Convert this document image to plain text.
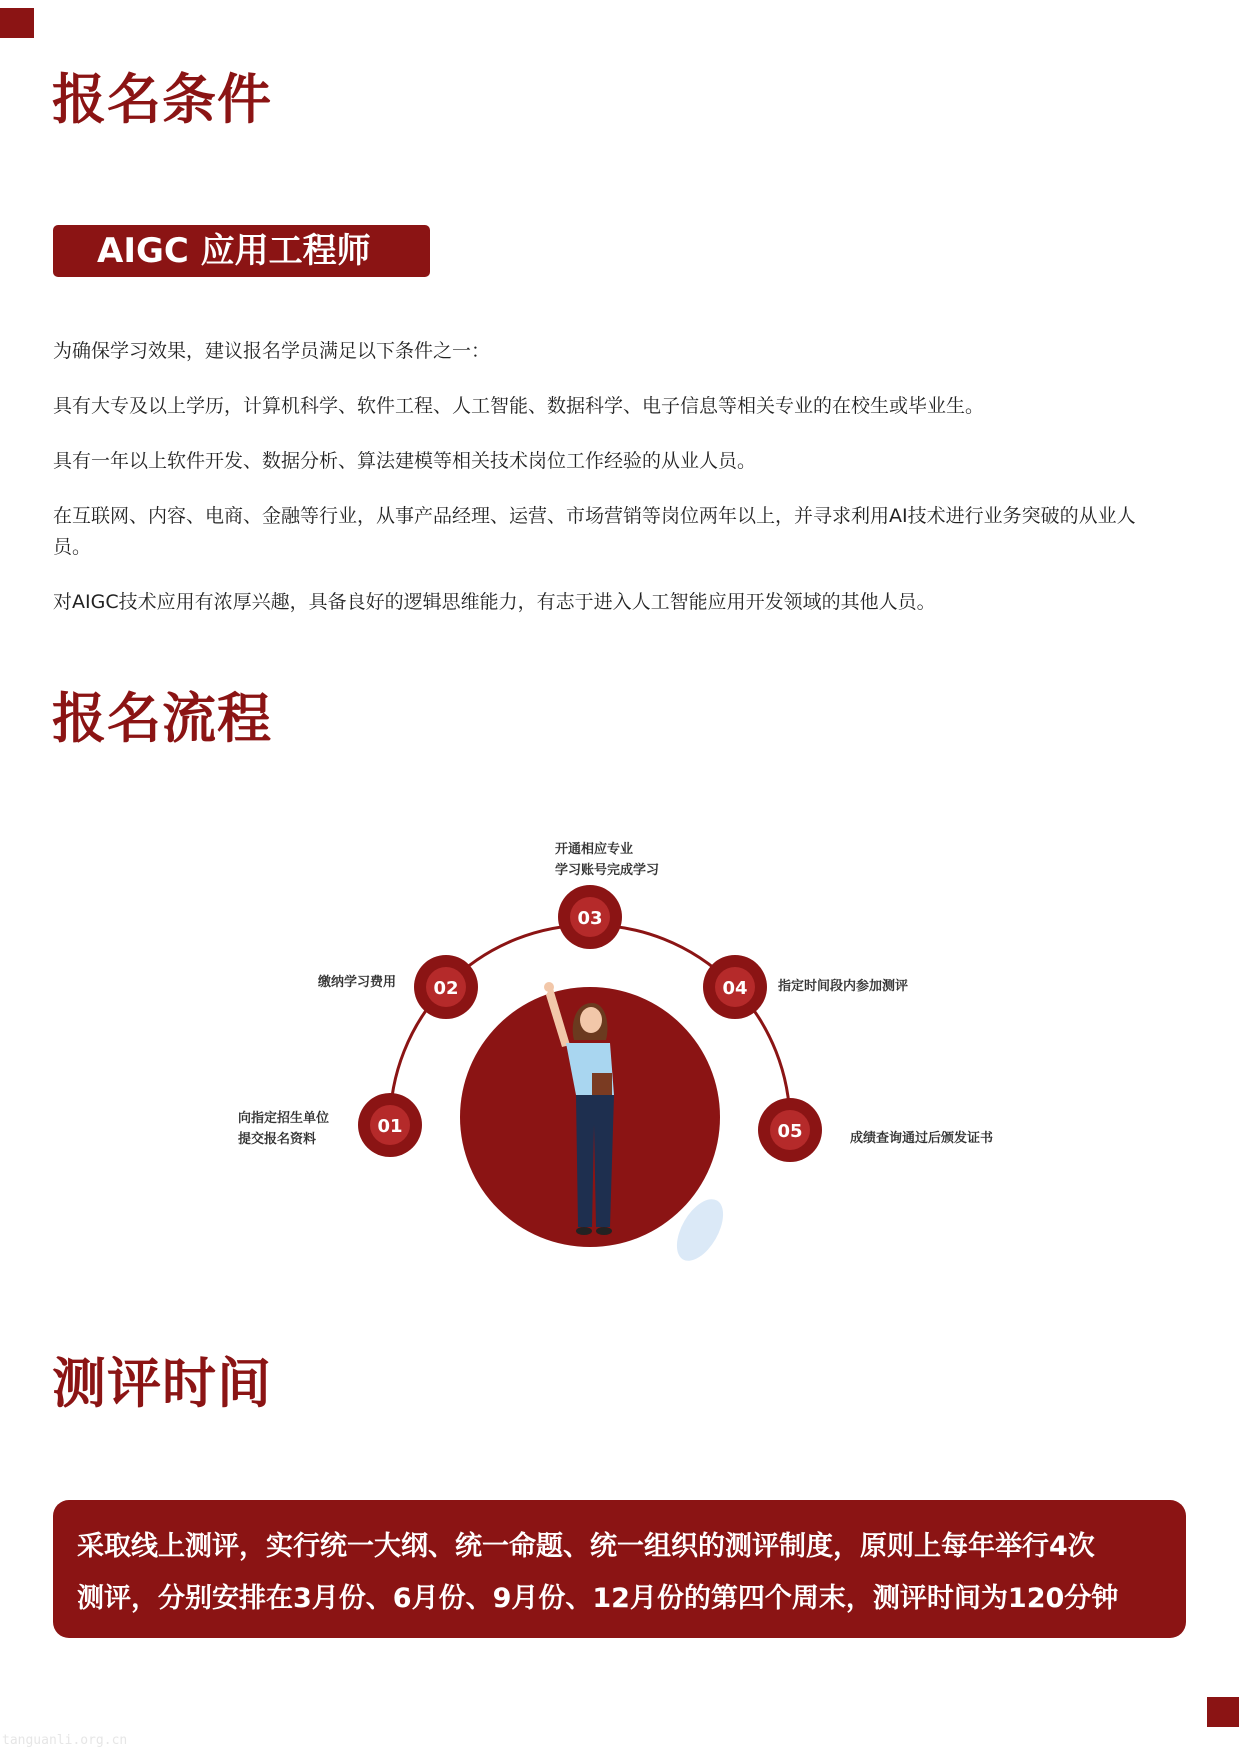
报名条件
AIGC 应用工程师

为确保学习效果，建议报名学员满足以下条件之一：

具有大专及以上学历，计算机科学、软件工程、人工智能、数据科学、电子信息等相关专业的在校生或毕业生。

具有一年以上软件开发、数据分析、算法建模等相关技术岗位工作经验的从业人员。

在互联网、内容、电商、金融等行业，从事产品经理、运营、市场营销等岗位两年以上，并寻求利用AI技术进行业务突破的从业人员。

对AIGC技术应用有浓厚兴趣，具备良好的逻辑思维能力，有志于进入人工智能应用开发领域的其他人员。

报名流程
01
02
03
04
05
向指定招生单位
提交报名资料
缴纳学习费用
开通相应专业
学习账号完成学习
指定时间段内参加测评
成绩查询通过后颁发证书
测评时间
采取线上测评，实行统一大纲、统一命题、统一组织的测评制度，原则上每年举行4次
测评，分别安排在3月份、6月份、9月份、12月份的第四个周末，测评时间为120分钟
tanguanli.org.cn
